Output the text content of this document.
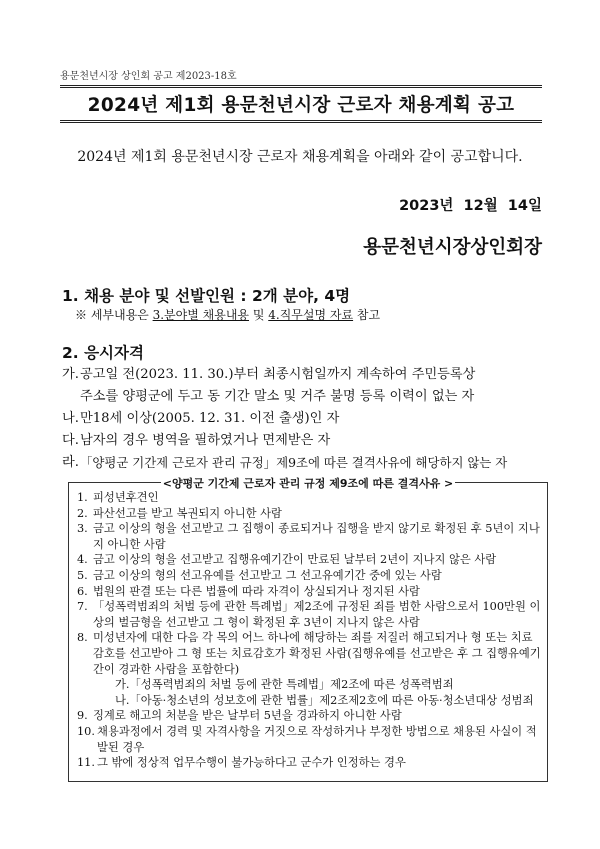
용문천년시장 상인회 공고 제2023-18호
2024년 제1회 용문천년시장 근로자 채용계획 공고
2024년 제1회 용문천년시장 근로자 채용계획을 아래와 같이 공고합니다.
2023년  12월  14일
용문천년시장상인회장
1. 채용 분야 및 선발인원 : 2개 분야, 4명
※ 세부내용은 3.분야별 채용내용 및 4.직무설명 자료 참고
2. 응시자격
가. 공고일 전(2023. 11. 30.)부터 최종시험일까지 계속하여 주민등록상
주소를 양평군에 두고 동 기간 말소 및 거주 불명 등록 이력이 없는 자
나. 만18세 이상(2005. 12. 31. 이전 출생)인 자
다. 남자의 경우 병역을 필하였거나 면제받은 자
라. 「양평군 기간제 근로자 관리 규정」제9조에 따른 결격사유에 해당하지 않는 자
<양평군 기간제 근로자 관리 규정 제9조에 따른 결격사유 >
1. 피성년후견인
2. 파산선고를 받고 복권되지 아니한 사람
3. 금고 이상의 형을 선고받고 그 집행이 종료되거나 집행을 받지 않기로 확정된 후 5년이 지나지 아니한 사람
4. 금고 이상의 형을 선고받고 집행유예기간이 만료된 날부터 2년이 지나지 않은 사람
5. 금고 이상의 형의 선고유예를 선고받고 그 선고유예기간 중에 있는 사람
6. 법원의 판결 또는 다른 법률에 따라 자격이 상실되거나 정지된 사람
7. 「성폭력범죄의 처벌 등에 관한 특례법」제2조에 규정된 죄를 범한 사람으로서 100만원 이상의 벌금형을 선고받고 그 형이 확정된 후 3년이 지나지 않은 사람
8. 미성년자에 대한 다음 각 목의 어느 하나에 해당하는 죄를 저질러 해고되거나 형 또는 치료감호를 선고받아 그 형 또는 치료감호가 확정된 사람(집행유예를 선고받은 후 그 집행유예기간이 경과한 사람을 포함한다)
가.「성폭력범죄의 처벌 등에 관한 특례법」제2조에 따른 성폭력범죄
나.「아동·청소년의 성보호에 관한 법률」제2조제2호에 따른 아동·청소년대상 성범죄
9. 징계로 해고의 처분을 받은 날부터 5년을 경과하지 아니한 사람
10. 채용과정에서 경력 및 자격사항을 거짓으로 작성하거나 부정한 방법으로 채용된 사실이 적발된 경우
11. 그 밖에 정상적 업무수행이 불가능하다고 군수가 인정하는 경우
